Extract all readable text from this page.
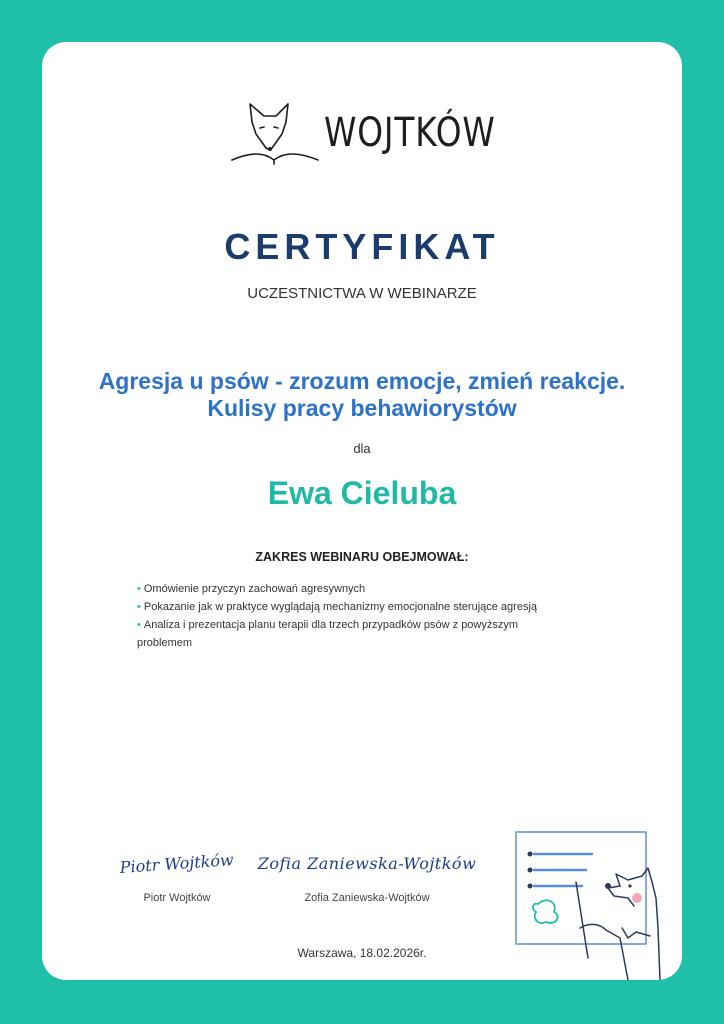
WOJTKÓW
CERTYFIKAT
UCZESTNICTWA W WEBINARZE
Agresja u psów - zrozum emocje, zmień reakcje. Kulisy pracy behawiorystów
dla
Ewa Cieluba
ZAKRES WEBINARU OBEJMOWAŁ:
• Omówienie przyczyn zachowań agresywnych
• Pokazanie jak w praktyce wyglądają mechanizmy emocjonalne sterujące agresją
• Analiza i prezentacja planu terapii dla trzech przypadków psów z powyższym problemem
Piotr Wojtków
Piotr Wojtków
Zofia Zaniewska-Wojtków
Zofia Zaniewska-Wojtków
Warszawa, 18.02.2026r.
